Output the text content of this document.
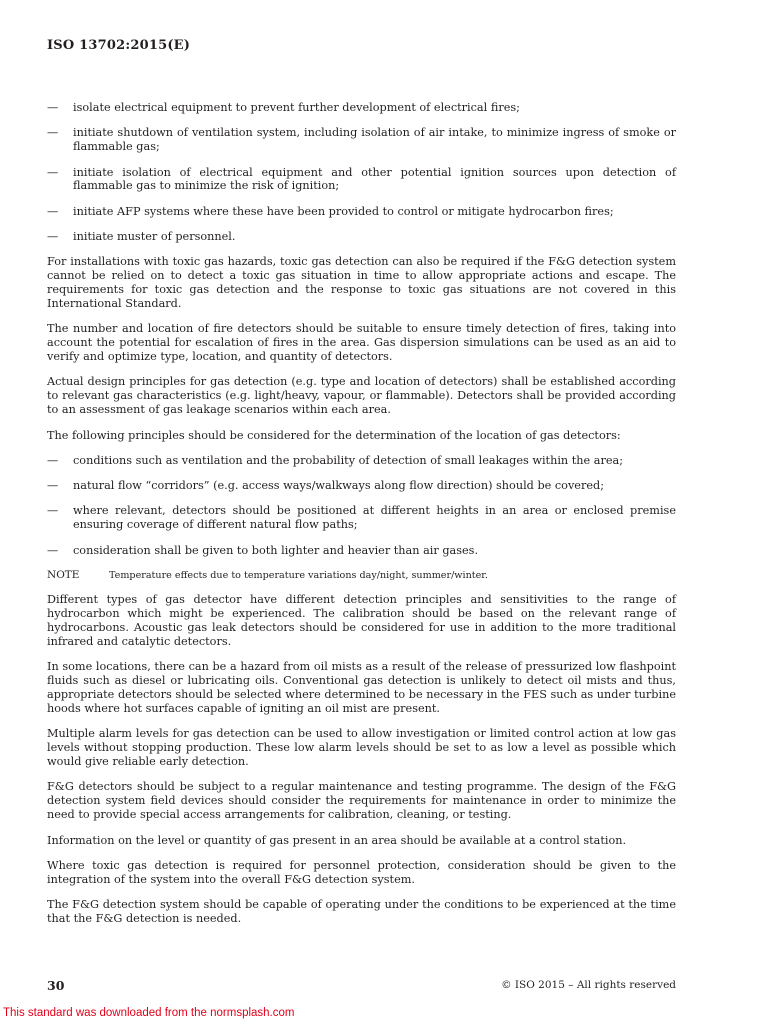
ISO 13702:2015(E)
— isolate electrical equipment to prevent further development of electrical fires;
— initiate shutdown of ventilation system, including isolation of air intake, to minimize ingress of smoke or flammable gas;
— initiate isolation of electrical equipment and other potential ignition sources upon detection of flammable gas to minimize the risk of ignition;
— initiate AFP systems where these have been provided to control or mitigate hydrocarbon fires;
— initiate muster of personnel.

For installations with toxic gas hazards, toxic gas detection can also be required if the F&G detection system cannot be relied on to detect a toxic gas situation in time to allow appropriate actions and escape. The requirements for toxic gas detection and the response to toxic gas situations are not covered in this International Standard.

The number and location of fire detectors should be suitable to ensure timely detection of fires, taking into account the potential for escalation of fires in the area. Gas dispersion simulations can be used as an aid to verify and optimize type, location, and quantity of detectors.

Actual design principles for gas detection (e.g. type and location of detectors) shall be established according to relevant gas characteristics (e.g. light/heavy, vapour, or flammable). Detectors shall be provided according to an assessment of gas leakage scenarios within each area.

The following principles should be considered for the determination of the location of gas detectors:

— conditions such as ventilation and the probability of detection of small leakages within the area;
— natural flow “corridors” (e.g. access ways/walkways along flow direction) should be covered;
— where relevant, detectors should be positioned at different heights in an area or enclosed premise ensuring coverage of different natural flow paths;
— consideration shall be given to both lighter and heavier than air gases.
NOTE	Temperature effects due to temperature variations day/night, summer/winter.

Different types of gas detector have different detection principles and sensitivities to the range of hydrocarbon which might be experienced. The calibration should be based on the relevant range of hydrocarbons. Acoustic gas leak detectors should be considered for use in addition to the more traditional infrared and catalytic detectors.

In some locations, there can be a hazard from oil mists as a result of the release of pressurized low flashpoint fluids such as diesel or lubricating oils. Conventional gas detection is unlikely to detect oil mists and thus, appropriate detectors should be selected where determined to be necessary in the FES such as under turbine hoods where hot surfaces capable of igniting an oil mist are present.

Multiple alarm levels for gas detection can be used to allow investigation or limited control action at low gas levels without stopping production. These low alarm levels should be set to as low a level as possible which would give reliable early detection.

F&G detectors should be subject to a regular maintenance and testing programme. The design of the F&G detection system field devices should consider the requirements for maintenance in order to minimize the need to provide special access arrangements for calibration, cleaning, or testing.

Information on the level or quantity of gas present in an area should be available at a control station.

Where toxic gas detection is required for personnel protection, consideration should be given to the integration of the system into the overall F&G detection system.

The F&G detection system should be capable of operating under the conditions to be experienced at the time that the F&G detection is needed.

30	© ISO 2015 – All rights reserved
This standard was downloaded from the normsplash.com
